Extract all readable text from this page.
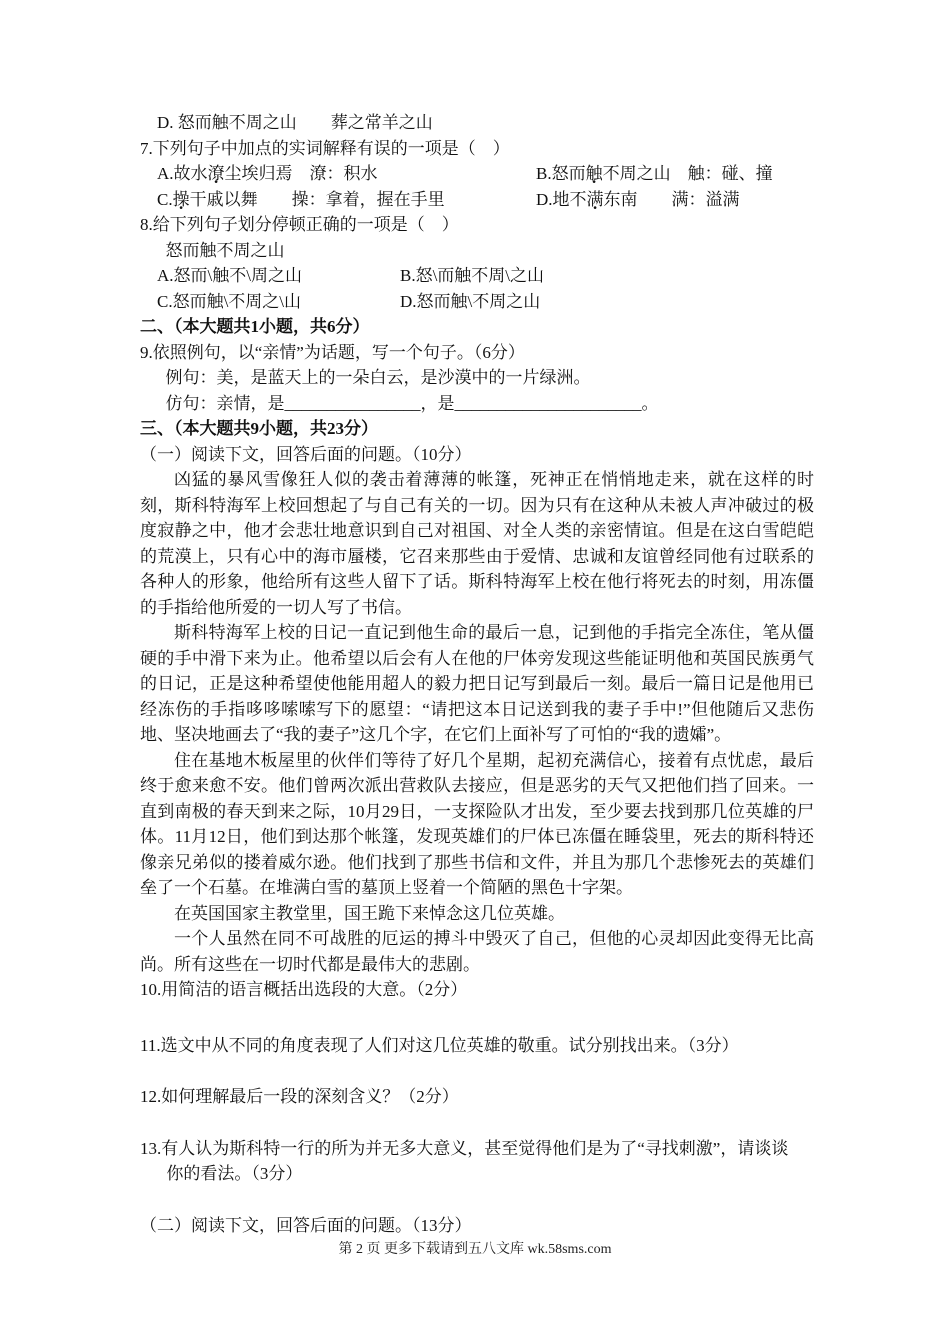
D. 怒而触不周之山　　葬之常羊之山
7.下列句子中加点的实词解释有误的一项是（　）
A.故水潦尘埃归焉　潦：积水	B.怒而触不周之山　触：碰、撞
C.操干戚以舞　　操：拿着，握在手里	D.地不满东南　　满：溢满
8.给下列句子划分停顿正确的一项是（　）
怒而触不周之山
A.怒而\触不\周之山	B.怒\而触不周\之山
C.怒而触\不周之\山	D.怒而触\不周之山
二、（本大题共1小题，共6分）
9.依照例句，以“亲情”为话题，写一个句子。（6分）
例句：美，是蓝天上的一朵白云，是沙漠中的一片绿洲。
仿句：亲情，是________________，是______________________。
三、（本大题共9小题，共23分）
（一）阅读下文，回答后面的问题。（10分）
凶猛的暴风雪像狂人似的袭击着薄薄的帐篷，死神正在悄悄地走来，就在这样的时刻，斯科特海军上校回想起了与自己有关的一切。因为只有在这种从未被人声冲破过的极度寂静之中，他才会悲壮地意识到自己对祖国、对全人类的亲密情谊。但是在这白雪皑皑的荒漠上，只有心中的海市蜃楼，它召来那些由于爱情、忠诚和友谊曾经同他有过联系的各种人的形象，他给所有这些人留下了话。斯科特海军上校在他行将死去的时刻，用冻僵的手指给他所爱的一切人写了书信。
斯科特海军上校的日记一直记到他生命的最后一息，记到他的手指完全冻住，笔从僵硬的手中滑下来为止。他希望以后会有人在他的尸体旁发现这些能证明他和英国民族勇气的日记，正是这种希望使他能用超人的毅力把日记写到最后一刻。最后一篇日记是他用已经冻伤的手指哆哆嗦嗦写下的愿望：“请把这本日记送到我的妻子手中!”但他随后又悲伤地、坚决地画去了“我的妻子”这几个字，在它们上面补写了可怕的“我的遗孀”。
住在基地木板屋里的伙伴们等待了好几个星期，起初充满信心，接着有点忧虑，最后终于愈来愈不安。他们曾两次派出营救队去接应，但是恶劣的天气又把他们挡了回来。一直到南极的春天到来之际，10月29日，一支探险队才出发，至少要去找到那几位英雄的尸体。11月12日，他们到达那个帐篷，发现英雄们的尸体已冻僵在睡袋里，死去的斯科特还像亲兄弟似的搂着威尔逊。他们找到了那些书信和文件，并且为那几个悲惨死去的英雄们垒了一个石墓。在堆满白雪的墓顶上竖着一个简陋的黑色十字架。
在英国国家主教堂里，国王跪下来悼念这几位英雄。
一个人虽然在同不可战胜的厄运的搏斗中毁灭了自己，但他的心灵却因此变得无比高尚。所有这些在一切时代都是最伟大的悲剧。
10.用简洁的语言概括出选段的大意。（2分）
11.选文中从不同的角度表现了人们对这几位英雄的敬重。试分别找出来。（3分）
12.如何理解最后一段的深刻含义？（2分）
13.有人认为斯科特一行的所为并无多大意义，甚至觉得他们是为了“寻找刺激”，请谈谈
你的看法。（3分）
（二）阅读下文，回答后面的问题。（13分）
第 2 页 更多下载请到五八文库 wk.58sms.com
